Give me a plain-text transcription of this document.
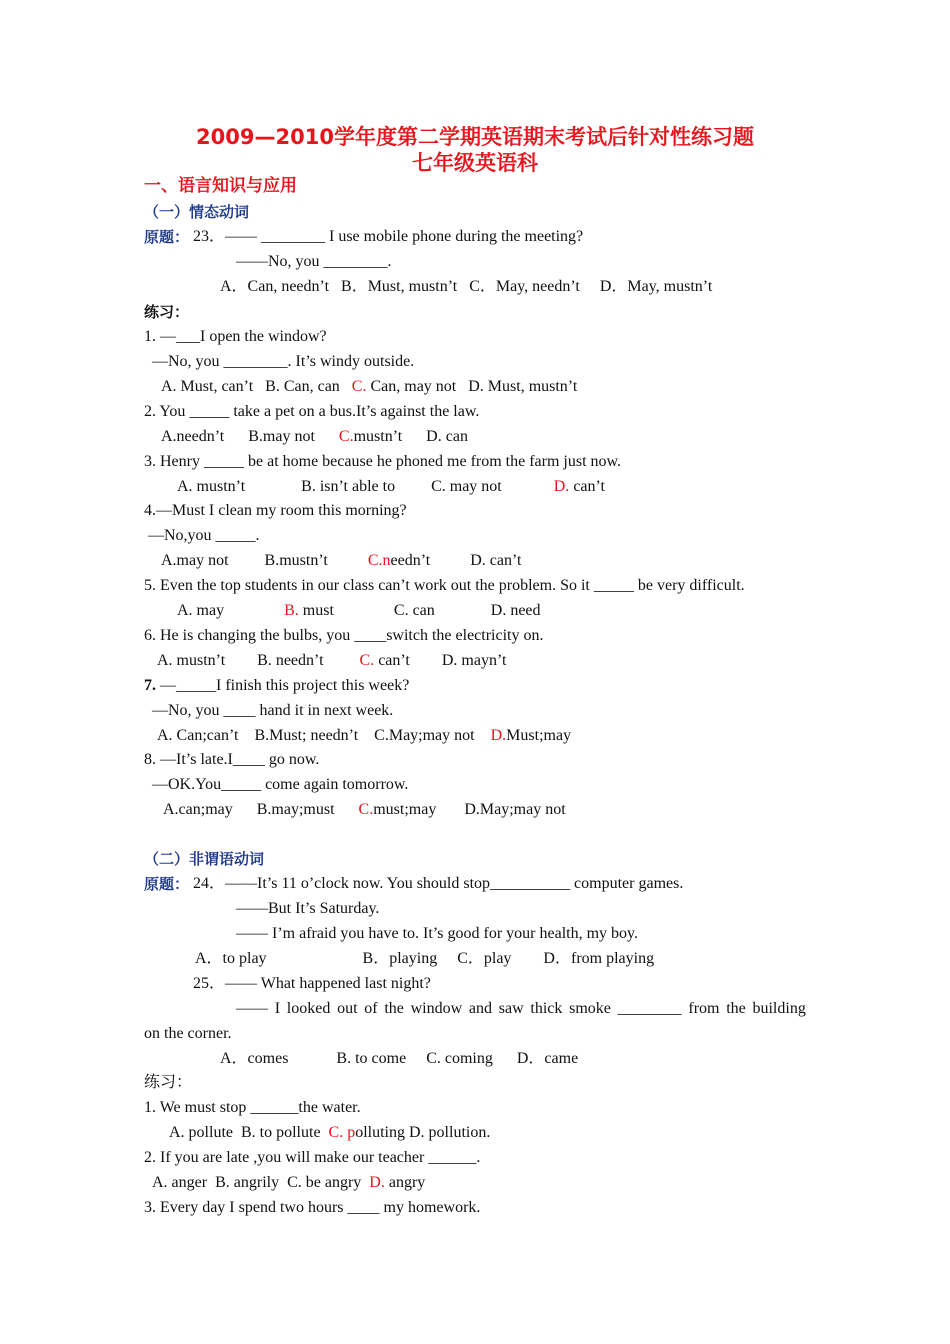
2009—2010学年度第二学期英语期末考试后针对性练习题
七年级英语科
一、语言知识与应用
（一）情态动词
原题： 23．—— ________ I use mobile phone during the meeting?
——No, you ________.
A．Can, needn’t   B．Must, mustn’t   C．May, needn’t     D．May, mustn’t
练习：
1. —___I open the window?
—No, you ________. It’s windy outside.
A. Must, can’t   B. Can, can   C. Can, may not   D. Must, mustn’t
2. You _____ take a pet on a bus.It’s against the law.
A.needn’t      B.may not      C.mustn’t      D. can
3. Henry _____ be at home because he phoned me from the farm just now.
A. mustn’t              B. isn’t able to         C. may not             D. can’t
4.—Must I clean my room this morning?
—No,you _____.
A.may not         B.mustn’t          C.needn’t          D. can’t
5. Even the top students in our class can’t work out the problem. So it _____ be very difficult.
A. may               B. must               C. can              D. need
6. He is changing the bulbs, you ____switch the electricity on.
A. mustn’t        B. needn’t         C. can’t        D. mayn’t
7. —_____I finish this project this week?
—No, you ____ hand it in next week.
A. Can;can’t    B.Must; needn’t    C.May;may not    D.Must;may
8. —It’s late.I____ go now.
—OK.You_____ come again tomorrow.
A.can;may      B.may;must      C.must;may       D.May;may not
（二）非谓语动词
原题： 24．——It’s 11 o’clock now. You should stop__________ computer games.
——But It’s Saturday.
—— I’m afraid you have to. It’s good for your health, my boy.
A．to play                        B．playing     C．play        D．from playing
25．—— What happened last night?
—— I looked out of the window and saw thick smoke ________ from the building
on the corner.
A．comes            B. to come     C. coming      D．came
练习：
1. We must stop ______the water.
A. pollute  B. to pollute  C. polluting D. pollution.
2. If you are late ,you will make our teacher ______.
A. anger  B. angrily  C. be angry  D. angry
3. Every day I spend two hours ____ my homework.
